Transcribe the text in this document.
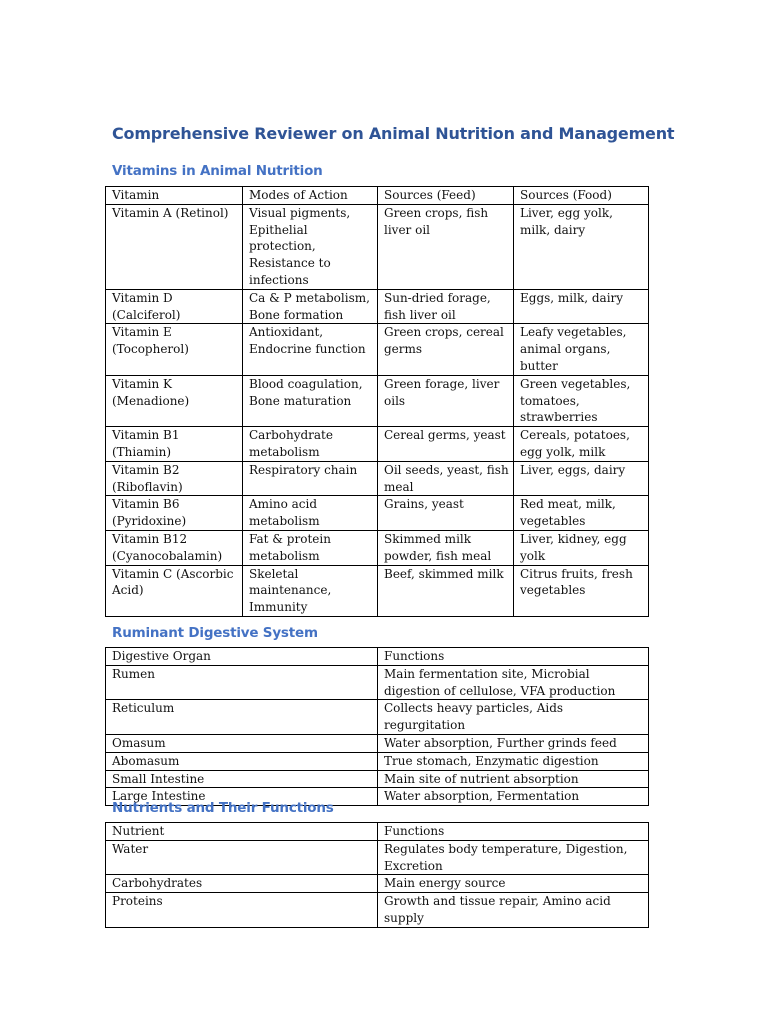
Comprehensive Reviewer on Animal Nutrition and Management
Vitamins in Animal Nutrition
Vitamin	Modes of Action	Sources (Feed)	Sources (Food)
Vitamin A (Retinol)	Visual pigments, Epithelial protection, Resistance to infections	Green crops, fish liver oil	Liver, egg yolk, milk, dairy
Vitamin D (Calciferol)	Ca & P metabolism, Bone formation	Sun-dried forage, fish liver oil	Eggs, milk, dairy
Vitamin E (Tocopherol)	Antioxidant, Endocrine function	Green crops, cereal germs	Leafy vegetables, animal organs, butter
Vitamin K (Menadione)	Blood coagulation, Bone maturation	Green forage, liver oils	Green vegetables, tomatoes, strawberries
Vitamin B1 (Thiamin)	Carbohydrate metabolism	Cereal germs, yeast	Cereals, potatoes, egg yolk, milk
Vitamin B2 (Riboflavin)	Respiratory chain	Oil seeds, yeast, fish meal	Liver, eggs, dairy
Vitamin B6 (Pyridoxine)	Amino acid metabolism	Grains, yeast	Red meat, milk, vegetables
Vitamin B12 (Cyanocobalamin)	Fat & protein metabolism	Skimmed milk powder, fish meal	Liver, kidney, egg yolk
Vitamin C (Ascorbic Acid)	Skeletal maintenance, Immunity	Beef, skimmed milk	Citrus fruits, fresh vegetables
Ruminant Digestive System
Digestive Organ	Functions
Rumen	Main fermentation site, Microbial digestion of cellulose, VFA production
Reticulum	Collects heavy particles, Aids regurgitation
Omasum	Water absorption, Further grinds feed
Abomasum	True stomach, Enzymatic digestion
Small Intestine	Main site of nutrient absorption
Large Intestine	Water absorption, Fermentation
Nutrients and Their Functions
Nutrient	Functions
Water	Regulates body temperature, Digestion, Excretion
Carbohydrates	Main energy source
Proteins	Growth and tissue repair, Amino acid supply
